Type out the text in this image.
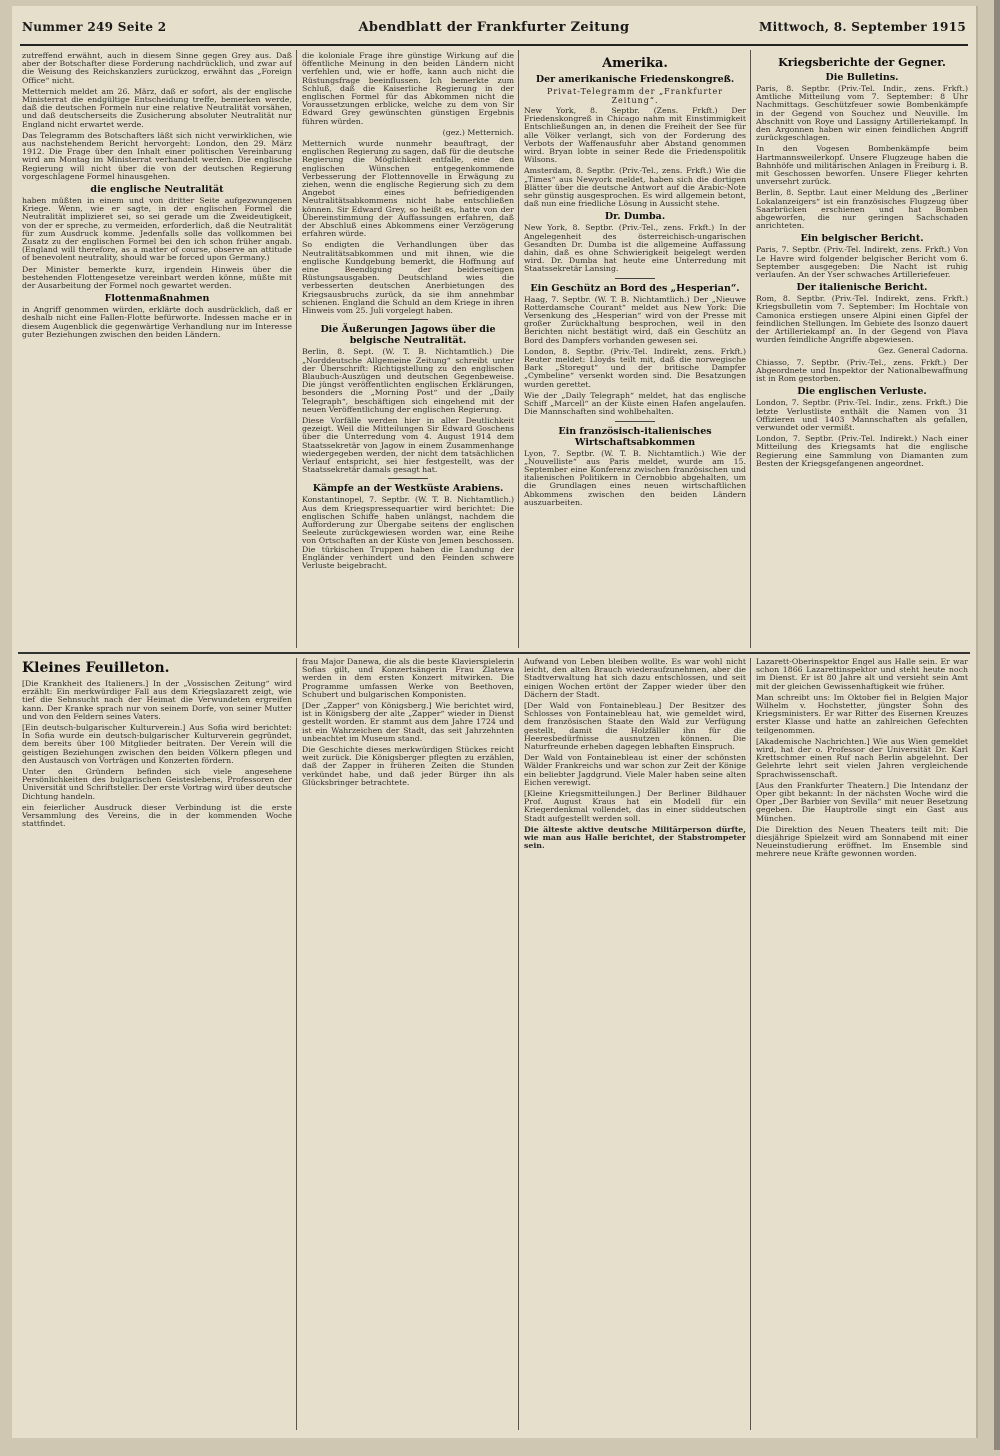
Nummer 249 Seite 2	Abendblatt der Frankfurter Zeitung	Mittwoch, 8. September 1915

zutreffend erwähnt, auch in diesem Sinne gegen Grey aus. Daß aber der Botschafter diese Forderung nachdrücklich, und zwar auf die Weisung des Reichskanzlers zurückzog, erwähnt das „Foreign Office“ nicht.

Metternich meldet am 26. März, daß er sofort, als der englische Ministerrat die endgültige Entscheidung treffe, bemerken werde, daß die deutschen Formeln nur eine relative Neutralität vorsähen, und daß deutscherseits die Zusicherung absoluter Neutralität nur England nicht erwartet werde.

Das Telegramm des Botschafters läßt sich nicht verwirklichen, wie aus nachstehendem Bericht hervorgeht: London, den 29. März 1912. Die Frage über den Inhalt einer politischen Vereinbarung wird am Montag im Ministerrat verhandelt werden. Die englische Regierung will nicht über die von der deutschen Regierung vorgeschlagene Formel hinausgehen.

die englische Neutralität

haben müßten in einem und von dritter Seite aufgezwungenen Kriege. Wenn, wie er sagte, in der englischen Formel die Neutralität implizieret sei, so sei gerade um die Zweideutigkeit, von der er spreche, zu vermeiden, erforderlich, daß die Neutralität für zum Ausdruck komme. Jedenfalls solle das vollkommen bei Zusatz zu der englischen Formel bei den ich schon früher angab. (England will therefore, as a matter of course, observe an attitude of benevolent neutrality, should war be forced upon Germany.)

Der Minister bemerkte kurz, irgendein Hinweis über die bestehenden Flottengesetze vereinbart werden könne, müßte mit der Ausarbeitung der Formel noch gewartet werden.

Flottenmaßnahmen

in Angriff genommen würden, erklärte doch ausdrücklich, daß er deshalb nicht eine Fallen-Flotte befürworte. Indessen mache er in diesem Augenblick die gegenwärtige Verhandlung nur im Interesse guter Beziehungen zwischen den beiden Ländern.

die koloniale Frage ihre günstige Wirkung auf die öffentliche Meinung in den beiden Ländern nicht verfehlen und, wie er hoffe, kann auch nicht die Rüstungsfrage beeinflussen. Ich bemerkte zum Schluß, daß die Kaiserliche Regierung in der englischen Formel für das Abkommen nicht die Voraussetzungen erblicke, welche zu dem von Sir Edward Grey gewünschten günstigen Ergebnis führen würden.

(gez.) Metternich.

Metternich wurde nunmehr beauftragt, der englischen Regierung zu sagen, daß für die deutsche Regierung die Möglichkeit entfalle, eine den englischen Wünschen entgegenkommende Verbesserung der Flottennovelle in Erwägung zu ziehen, wenn die englische Regierung sich zu dem Angebot eines befriedigenden Neutralitätsabkommens nicht habe entschließen können. Sir Edward Grey, so heißt es, hatte von der Übereinstimmung der Auffassungen erfahren, daß der Abschluß eines Abkommens einer Verzögerung erfahren würde.

So endigten die Verhandlungen über das Neutralitätsabkommen und mit ihnen, wie die englische Kundgebung bemerkt, die Hoffnung auf eine Beendigung der beiderseitigen Rüstungsausgaben. Deutschland wies die verbesserten deutschen Anerbietungen des Kriegsausbruchs zurück, da sie ihm annehmbar schienen. England die Schuld an dem Kriege in ihren Hinweis vom 25. Juli vorgelegt haben.

Die Äußerungen Jagows über die belgische Neutralität.

Berlin, 8. Sept. (W. T. B. Nichtamtlich.) Die „Norddeutsche Allgemeine Zeitung“ schreibt unter der Überschrift: Richtigstellung zu den englischen Blaubuch-Auszügen und deutschen Gegenbeweise. Die jüngst veröffentlichten englischen Erklärungen, besonders die „Morning Post“ und der „Daily Telegraph“, beschäftigen sich eingehend mit der neuen Veröffentlichung der englischen Regierung.

Diese Vorfälle werden hier in aller Deutlichkeit gezeigt. Weil die Mitteilungen Sir Edward Goschens über die Unterredung vom 4. August 1914 dem Staatssekretär von Jagow in einem Zusammenhange wiedergegeben werden, der nicht dem tatsächlichen Verlauf entspricht, sei hier festgestellt, was der Staatssekretär damals gesagt hat.

Kämpfe an der Westküste Arabiens.

Konstantinopel, 7. Septbr. (W. T. B. Nichtamtlich.) Aus dem Kriegspressequartier wird berichtet: Die englischen Schiffe haben unlängst, nachdem die Aufforderung zur Übergabe seitens der englischen Seeleute zurückgewiesen worden war, eine Reihe von Ortschaften an der Küste von Jemen beschossen. Die türkischen Truppen haben die Landung der Engländer verhindert und den Feinden schwere Verluste beigebracht.

Amerika.
Der amerikanische Friedenskongreß.
Privat-Telegramm der „Frankfurter Zeitung“.

New York, 8. Septbr. (Zens. Frkft.) Der Friedenskongreß in Chicago nahm mit Einstimmigkeit Entschließungen an, in denen die Freiheit der See für alle Völker verlangt, sich von der Forderung des Verbots der Waffenausfuhr aber Abstand genommen wird. Bryan lobte in seiner Rede die Friedenspolitik Wilsons.

Amsterdam, 8. Septbr. (Priv.-Tel., zens. Frkft.) Wie die „Times“ aus Newyork meldet, haben sich die dortigen Blätter über die deutsche Antwort auf die Arabic-Note sehr günstig ausgesprochen. Es wird allgemein betont, daß nun eine friedliche Lösung in Aussicht stehe.

Dr. Dumba.

New York, 8. Septbr. (Priv.-Tel., zens. Frkft.) In der Angelegenheit des österreichisch-ungarischen Gesandten Dr. Dumba ist die allgemeine Auffassung dahin, daß es ohne Schwierigkeit beigelegt werden wird. Dr. Dumba hat heute eine Unterredung mit Staatssekretär Lansing.

Ein Geschütz an Bord des „Hesperian“.

Haag, 7. Septbr. (W. T. B. Nichtamtlich.) Der „Nieuwe Rotterdamsche Courant“ meldet aus New York: Die Versenkung des „Hesperian“ wird von der Presse mit großer Zurückhaltung besprochen, weil in den Berichten nicht bestätigt wird, daß ein Geschütz an Bord des Dampfers vorhanden gewesen sei.

London, 8. Septbr. (Priv.-Tel. Indirekt, zens. Frkft.) Reuter meldet: Lloyds teilt mit, daß die norwegische Bark „Storegut“ und der britische Dampfer „Cymbeline“ versenkt worden sind. Die Besatzungen wurden gerettet.

Wie der „Daily Telegraph“ meldet, hat das englische Schiff „Marcell“ an der Küste einen Hafen angelaufen. Die Mannschaften sind wohlbehalten.

Ein französisch-italienisches Wirtschaftsabkommen

Lyon, 7. Septbr. (W. T. B. Nichtamtlich.) Wie der „Nouvelliste“ aus Paris meldet, wurde am 15. September eine Konferenz zwischen französischen und italienischen Politikern in Cernobbio abgehalten, um die Grundlagen eines neuen wirtschaftlichen Abkommens zwischen den beiden Ländern auszuarbeiten.

Kriegsberichte der Gegner.
Die Bulletins.

Paris, 8. Septbr. (Priv.-Tel. Indir., zens. Frkft.) Amtliche Mitteilung vom 7. September: 8 Uhr Nachmittags. Geschützfeuer sowie Bombenkämpfe in der Gegend von Souchez und Neuville. Im Abschnitt von Roye und Lassigny Artilleriekampf. In den Argonnen haben wir einen feindlichen Angriff zurückgeschlagen.

In den Vogesen Bombenkämpfe beim Hartmannsweilerkopf. Unsere Flugzeuge haben die Bahnhöfe und militärischen Anlagen in Freiburg i. B. mit Geschossen beworfen. Unsere Flieger kehrten unversehrt zurück.

Berlin, 8. Septbr. Laut einer Meldung des „Berliner Lokalanzeigers“ ist ein französisches Flugzeug über Saarbrücken erschienen und hat Bomben abgeworfen, die nur geringen Sachschaden anrichteten.

Ein belgischer Bericht.

Paris, 7. Septbr. (Priv.-Tel. Indirekt, zens. Frkft.) Von Le Havre wird folgender belgischer Bericht vom 6. September ausgegeben: Die Nacht ist ruhig verlaufen. An der Yser schwaches Artilleriefeuer.

Der italienische Bericht.

Rom, 8. Septbr. (Priv.-Tel. Indirekt, zens. Frkft.) Kriegsbulletin vom 7. September: Im Hochtale von Camonica erstiegen unsere Alpini einen Gipfel der feindlichen Stellungen. Im Gebiete des Isonzo dauert der Artilleriekampf an. In der Gegend von Plava wurden feindliche Angriffe abgewiesen.

Gez. General Cadorna.

Chiasso, 7. Septbr. (Priv.-Tel., zens. Frkft.) Der Abgeordnete und Inspektor der Nationalbewaffnung ist in Rom gestorben.

Die englischen Verluste.

London, 7. Septbr. (Priv.-Tel. Indir., zens. Frkft.) Die letzte Verlustliste enthält die Namen von 31 Offizieren und 1403 Mannschaften als gefallen, verwundet oder vermißt.

London, 7. Septbr. (Priv.-Tel. Indirekt.) Nach einer Mitteilung des Kriegsamts hat die englische Regierung eine Sammlung von Diamanten zum Besten der Kriegsgefangenen angeordnet.

Kleines Feuilleton.

[Die Krankheit des Italieners.] In der „Vossischen Zeitung“ wird erzählt: Ein merkwürdiger Fall aus dem Kriegslazarett zeigt, wie tief die Sehnsucht nach der Heimat die Verwundeten ergreifen kann. Der Kranke sprach nur von seinem Dorfe, von seiner Mutter und von den Feldern seines Vaters.

[Ein deutsch-bulgarischer Kulturverein.] Aus Sofia wird berichtet: In Sofia wurde ein deutsch-bulgarischer Kulturverein gegründet, dem bereits über 100 Mitglieder beitraten. Der Verein will die geistigen Beziehungen zwischen den beiden Völkern pflegen und den Austausch von Vorträgen und Konzerten fördern.

Unter den Gründern befinden sich viele angesehene Persönlichkeiten des bulgarischen Geisteslebens, Professoren der Universität und Schriftsteller. Der erste Vortrag wird über deutsche Dichtung handeln.

ein feierlicher Ausdruck dieser Verbindung ist die erste Versammlung des Vereins, die in der kommenden Woche stattfindet.

frau Major Danewa, die als die beste Klavierspielerin Sofias gilt, und Konzertsängerin Frau Zlatewa werden in dem ersten Konzert mitwirken. Die Programme umfassen Werke von Beethoven, Schubert und bulgarischen Komponisten.

[Der „Zapper“ von Königsberg.] Wie berichtet wird, ist in Königsberg der alte „Zapper“ wieder in Dienst gestellt worden. Er stammt aus dem Jahre 1724 und ist ein Wahrzeichen der Stadt, das seit Jahrzehnten unbeachtet im Museum stand.

Die Geschichte dieses merkwürdigen Stückes reicht weit zurück. Die Königsberger pflegten zu erzählen, daß der Zapper in früheren Zeiten die Stunden verkündet habe, und daß jeder Bürger ihn als Glücksbringer betrachtete.

Aufwand von Leben bleiben wollte. Es war wohl nicht leicht, den alten Brauch wiederaufzunehmen, aber die Stadtverwaltung hat sich dazu entschlossen, und seit einigen Wochen ertönt der Zapper wieder über den Dächern der Stadt.

[Der Wald von Fontainebleau.] Der Besitzer des Schlosses von Fontainebleau hat, wie gemeldet wird, dem französischen Staate den Wald zur Verfügung gestellt, damit die Holzfäller ihn für die Heeresbedürfnisse ausnutzen können. Die Naturfreunde erheben dagegen lebhaften Einspruch.

Der Wald von Fontainebleau ist einer der schönsten Wälder Frankreichs und war schon zur Zeit der Könige ein beliebter Jagdgrund. Viele Maler haben seine alten Eichen verewigt.

[Kleine Kriegsmitteilungen.] Der Berliner Bildhauer Prof. August Kraus hat ein Modell für ein Kriegerdenkmal vollendet, das in einer süddeutschen Stadt aufgestellt werden soll.

Die älteste aktive deutsche Militärperson dürfte, wie man aus Halle berichtet, der Stabstrompeter sein.

Lazarett-Oberinspektor Engel aus Halle sein. Er war schon 1866 Lazarettinspektor und steht heute noch im Dienst. Er ist 80 Jahre alt und versieht sein Amt mit der gleichen Gewissenhaftigkeit wie früher.

Man schreibt uns: Im Oktober fiel in Belgien Major Wilhelm v. Hochstetter, jüngster Sohn des Kriegsministers. Er war Ritter des Eisernen Kreuzes erster Klasse und hatte an zahlreichen Gefechten teilgenommen.

[Akademische Nachrichten.] Wie aus Wien gemeldet wird, hat der o. Professor der Universität Dr. Karl Krettschmer einen Ruf nach Berlin abgelehnt. Der Gelehrte lehrt seit vielen Jahren vergleichende Sprachwissenschaft.

[Aus den Frankfurter Theatern.] Die Intendanz der Oper gibt bekannt: In der nächsten Woche wird die Oper „Der Barbier von Sevilla“ mit neuer Besetzung gegeben. Die Hauptrolle singt ein Gast aus München.

Die Direktion des Neuen Theaters teilt mit: Die diesjährige Spielzeit wird am Sonnabend mit einer Neueinstudierung eröffnet. Im Ensemble sind mehrere neue Kräfte gewonnen worden.
